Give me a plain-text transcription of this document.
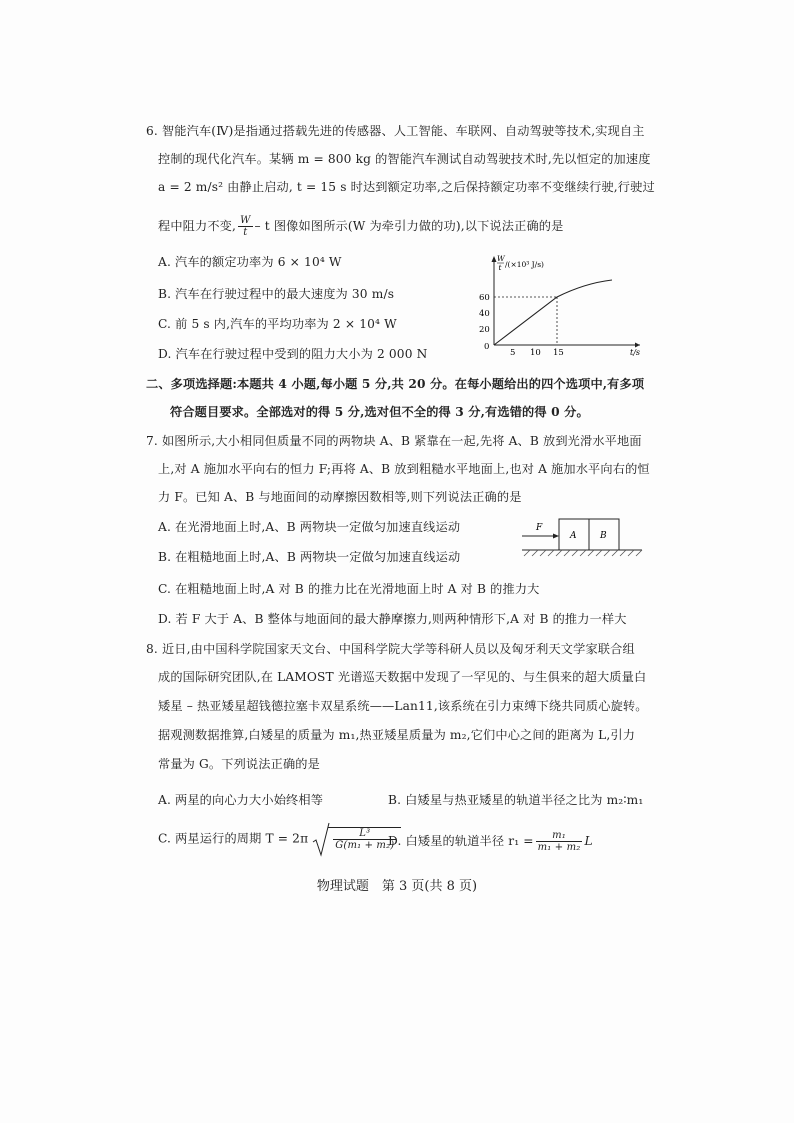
6. 智能汽车(Ⅳ)是指通过搭载先进的传感器、人工智能、车联网、自动驾驶等技术,实现自主
控制的现代化汽车。某辆 m = 800 kg 的智能汽车测试自动驾驶技术时,先以恒定的加速度
a = 2 m/s² 由静止启动, t = 15 s 时达到额定功率,之后保持额定功率不变继续行驶,行驶过
程中阻力不变, $\frac{W}{t}$ – t 图像如图所示(W 为牵引力做的功),以下说法正确的是
A. 汽车的额定功率为 6 × 10⁴ W
B. 汽车在行驶过程中的最大速度为 30 m/s
C. 前 5 s 内,汽车的平均功率为 2 × 10⁴ W
D. 汽车在行驶过程中受到的阻力大小为 2 000 N
W
t /(×10³ J/s)
0
20
40
60
5 10 15	t/s
二、多项选择题:本题共 4 小题,每小题 5 分,共 20 分。在每小题给出的四个选项中,有多项
符合题目要求。全部选对的得 5 分,选对但不全的得 3 分,有选错的得 0 分。
7. 如图所示,大小相同但质量不同的两物块 A、B 紧靠在一起,先将 A、B 放到光滑水平地面
上,对 A 施加水平向右的恒力 F;再将 A、B 放到粗糙水平地面上,也对 A 施加水平向右的恒
力 F。已知 A、B 与地面间的动摩擦因数相等,则下列说法正确的是
A. 在光滑地面上时,A、B 两物块一定做匀加速直线运动
B. 在粗糙地面上时,A、B 两物块一定做匀加速直线运动
C. 在粗糙地面上时,A 对 B 的推力比在光滑地面上时 A 对 B 的推力大
D. 若 F 大于 A、B 整体与地面间的最大静摩擦力,则两种情形下,A 对 B 的推力一样大
F
A	B
8. 近日,由中国科学院国家天文台、中国科学院大学等科研人员以及匈牙利天文学家联合组
成的国际研究团队,在 LAMOST 光谱巡天数据中发现了一罕见的、与生俱来的超大质量白
矮星 – 热亚矮星超钱德拉塞卡双星系统——Lan11,该系统在引力束缚下绕共同质心旋转。
据观测数据推算,白矮星的质量为 m₁,热亚矮星质量为 m₂,它们中心之间的距离为 L,引力
常量为 G。下列说法正确的是
A. 两星的向心力大小始终相等	B. 白矮星与热亚矮星的轨道半径之比为 m₂∶m₁
C. 两星运行的周期 T = 2π	$\frac{\text{L³}}{\text{G(m₁ + m₂)}}$
D. 白矮星的轨道半径 $r_1 = \frac{\text{m₁}}{\text{m₁ + m₂}}$ L
物理试题　第 3 页(共 8 页)
